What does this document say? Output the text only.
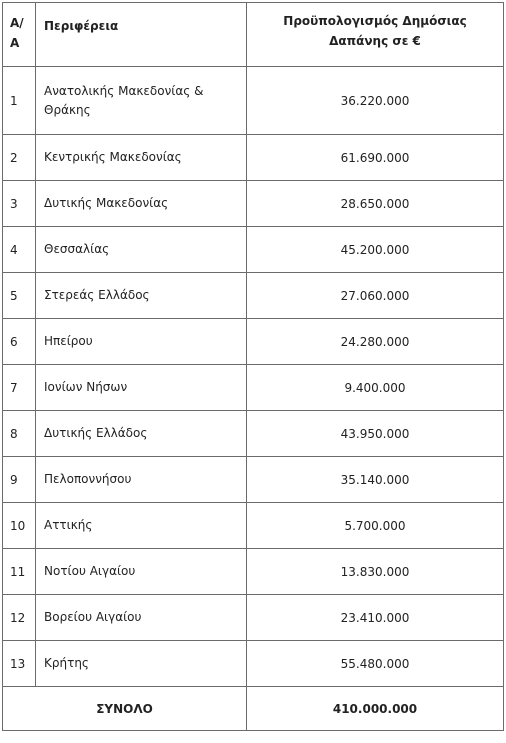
Α/
Α	Περιφέρεια	Προϋπολογισμός Δημόσιας Δαπάνης σε €
1	Ανατολικής Μακεδονίας & Θράκης	36.220.000
2	Κεντρικής Μακεδονίας	61.690.000
3	Δυτικής Μακεδονίας	28.650.000
4	Θεσσαλίας	45.200.000
5	Στερεάς Ελλάδος	27.060.000
6	Ηπείρου	24.280.000
7	Ιονίων Νήσων	9.400.000
8	Δυτικής Ελλάδος	43.950.000
9	Πελοποννήσου	35.140.000
10	Αττικής	5.700.000
11	Νοτίου Αιγαίου	13.830.000
12	Βορείου Αιγαίου	23.410.000
13	Κρήτης	55.480.000
ΣΥΝΟΛΟ		410.000.000
